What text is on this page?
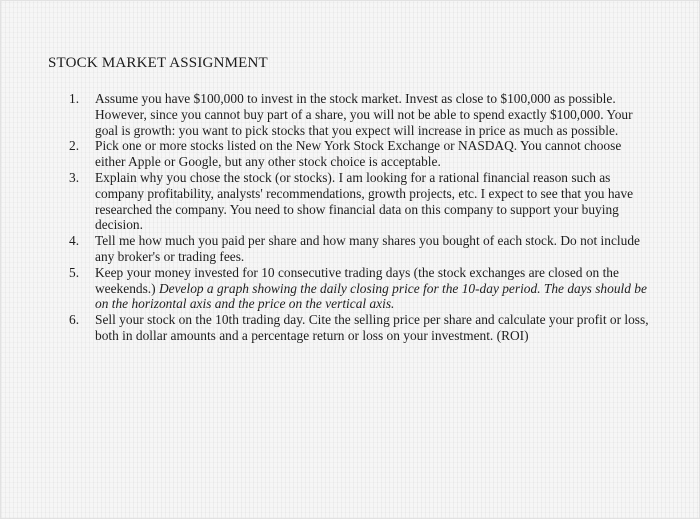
STOCK MARKET ASSIGNMENT
1.	Assume you have $100,000 to invest in the stock market. Invest as close to $100,000 as possible. However, since you cannot buy part of a share, you will not be able to spend exactly $100,000. Your goal is growth: you want to pick stocks that you expect will increase in price as much as possible.
2.	Pick one or more stocks listed on the New York Stock Exchange or NASDAQ. You cannot choose either Apple or Google, but any other stock choice is acceptable.
3.	Explain why you chose the stock (or stocks). I am looking for a rational financial reason such as company profitability, analysts' recommendations, growth projects, etc. I expect to see that you have researched the company. You need to show financial data on this company to support your buying decision.
4.	Tell me how much you paid per share and how many shares you bought of each stock. Do not include any broker's or trading fees.
5.	Keep your money invested for 10 consecutive trading days (the stock exchanges are closed on the weekends.) Develop a graph showing the daily closing price for the 10-day period. The days should be on the horizontal axis and the price on the vertical axis.
6.	Sell your stock on the 10th trading day. Cite the selling price per share and calculate your profit or loss, both in dollar amounts and a percentage return or loss on your investment. (ROI)
